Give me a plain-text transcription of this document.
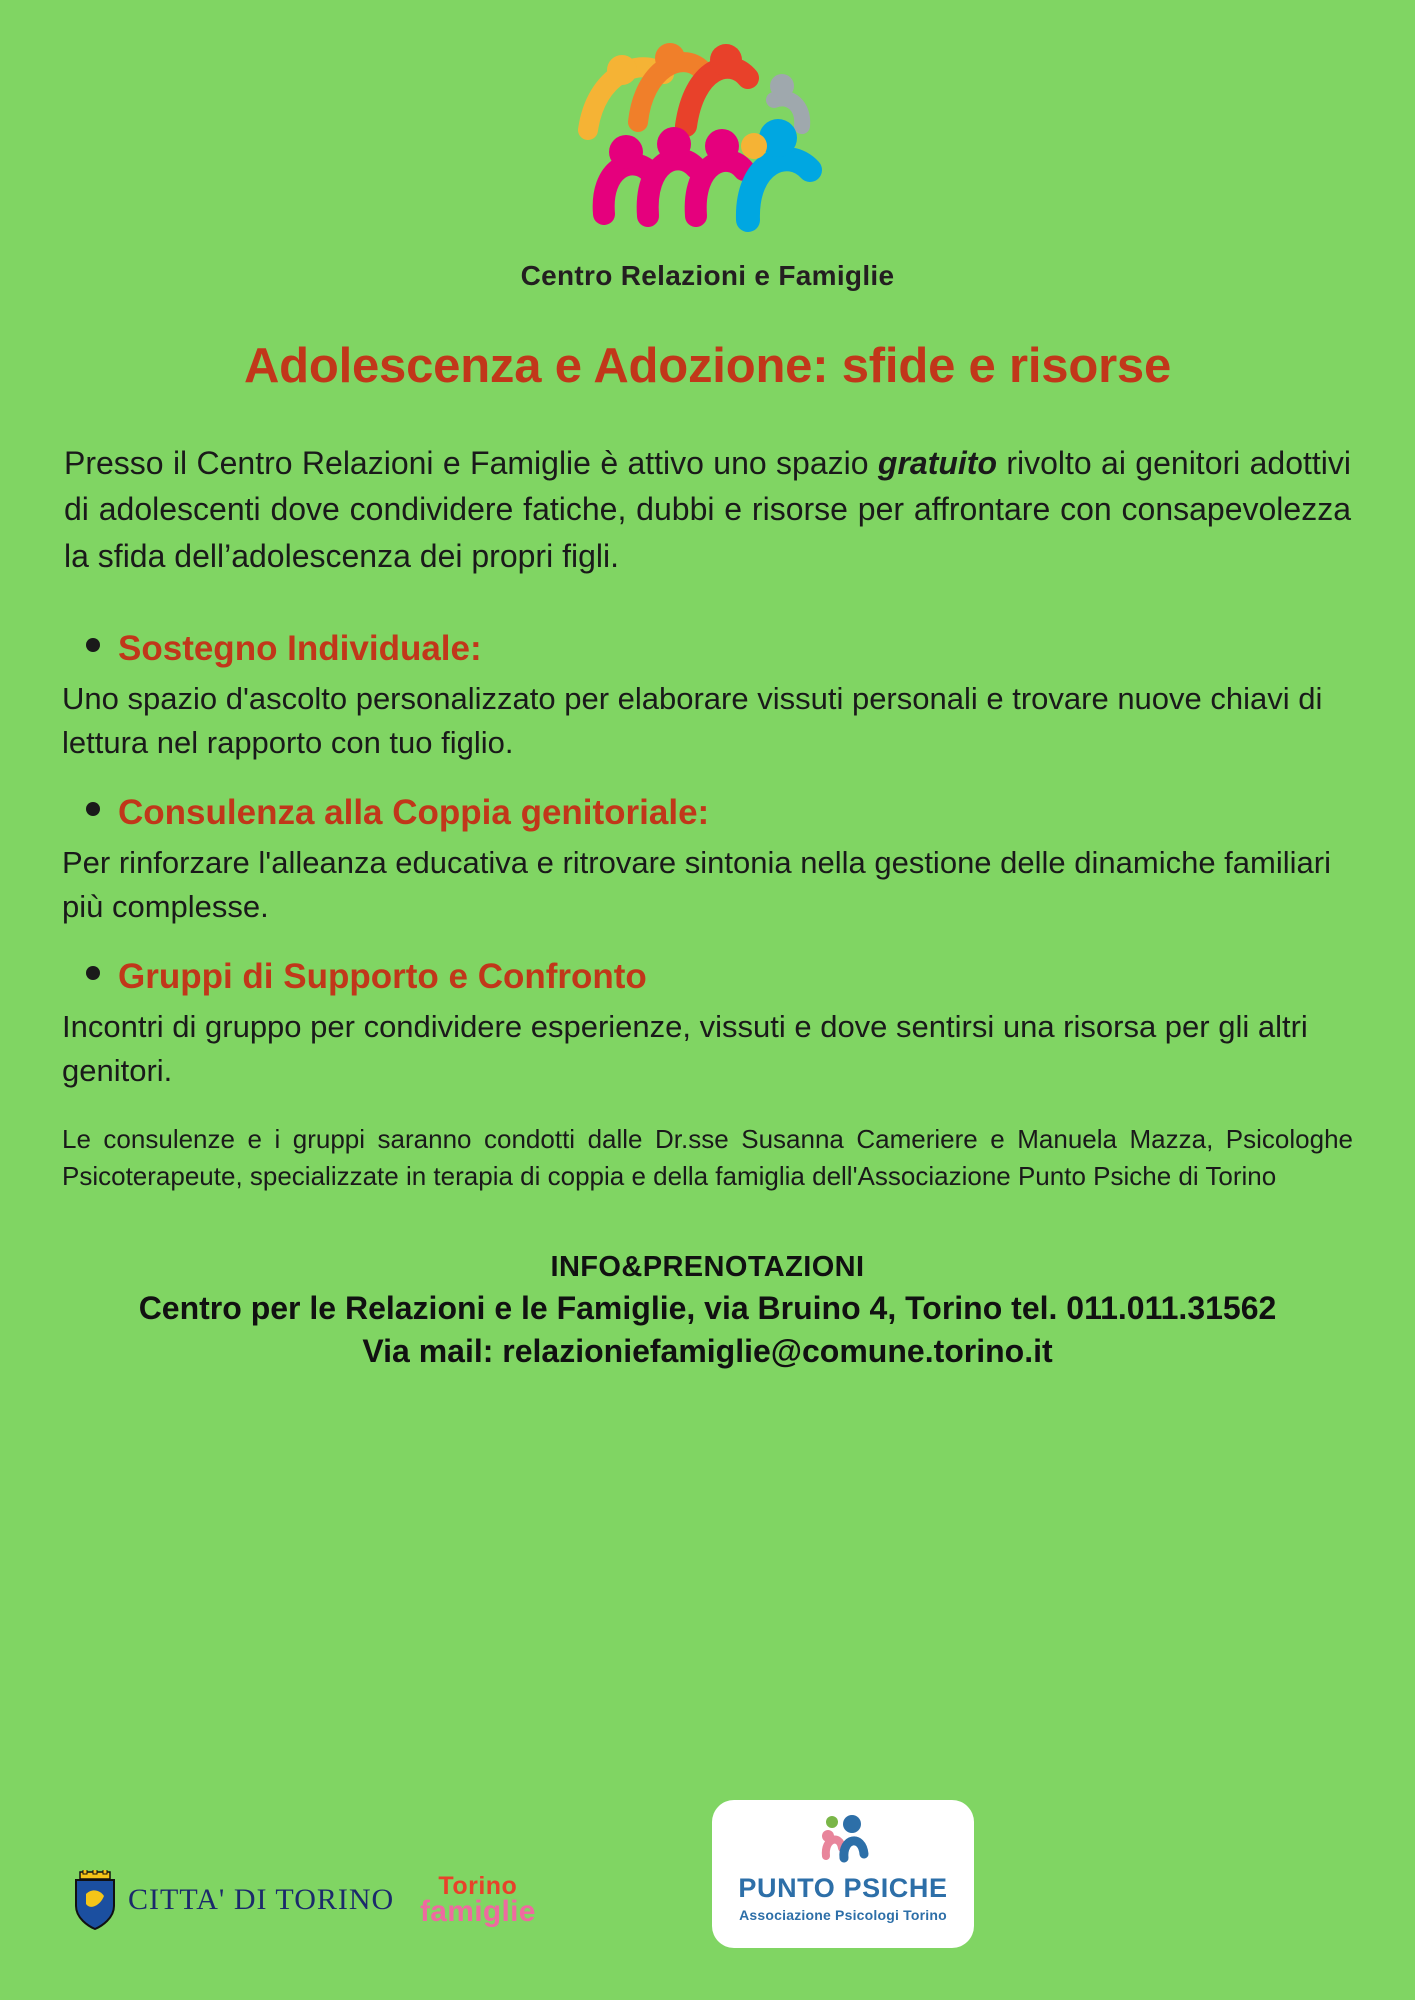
Centro Relazioni e Famiglie
Adolescenza e Adozione: sfide e risorse
Presso il Centro Relazioni e Famiglie è attivo uno spazio gratuito rivolto ai genitori adottivi di adolescenti dove condividere fatiche, dubbi e risorse per affrontare con consapevolezza la sfida dell’adolescenza dei propri figli.
Sostegno Individuale:
Uno spazio d'ascolto personalizzato per elaborare vissuti personali e trovare nuove chiavi di lettura nel rapporto con tuo figlio.
Consulenza alla Coppia genitoriale:
Per rinforzare l'alleanza educativa e ritrovare sintonia nella gestione delle dinamiche familiari più complesse.
Gruppi di Supporto e Confronto
Incontri di gruppo per condividere esperienze, vissuti e dove sentirsi una risorsa per gli altri genitori.
Le consulenze e i gruppi saranno condotti dalle Dr.sse Susanna Cameriere e Manuela Mazza, Psicologhe Psicoterapeute, specializzate in terapia di coppia e della famiglia dell'Associazione Punto Psiche di Torino
INFO&PRENOTAZIONI
Centro per le Relazioni e le Famiglie, via Bruino 4, Torino tel. 011.011.31562
Via mail: relazioniefamiglie@comune.torino.it
CITTA' DI TORINO	Torino
famiglie
PUNTO PSICHE
Associazione Psicologi Torino
